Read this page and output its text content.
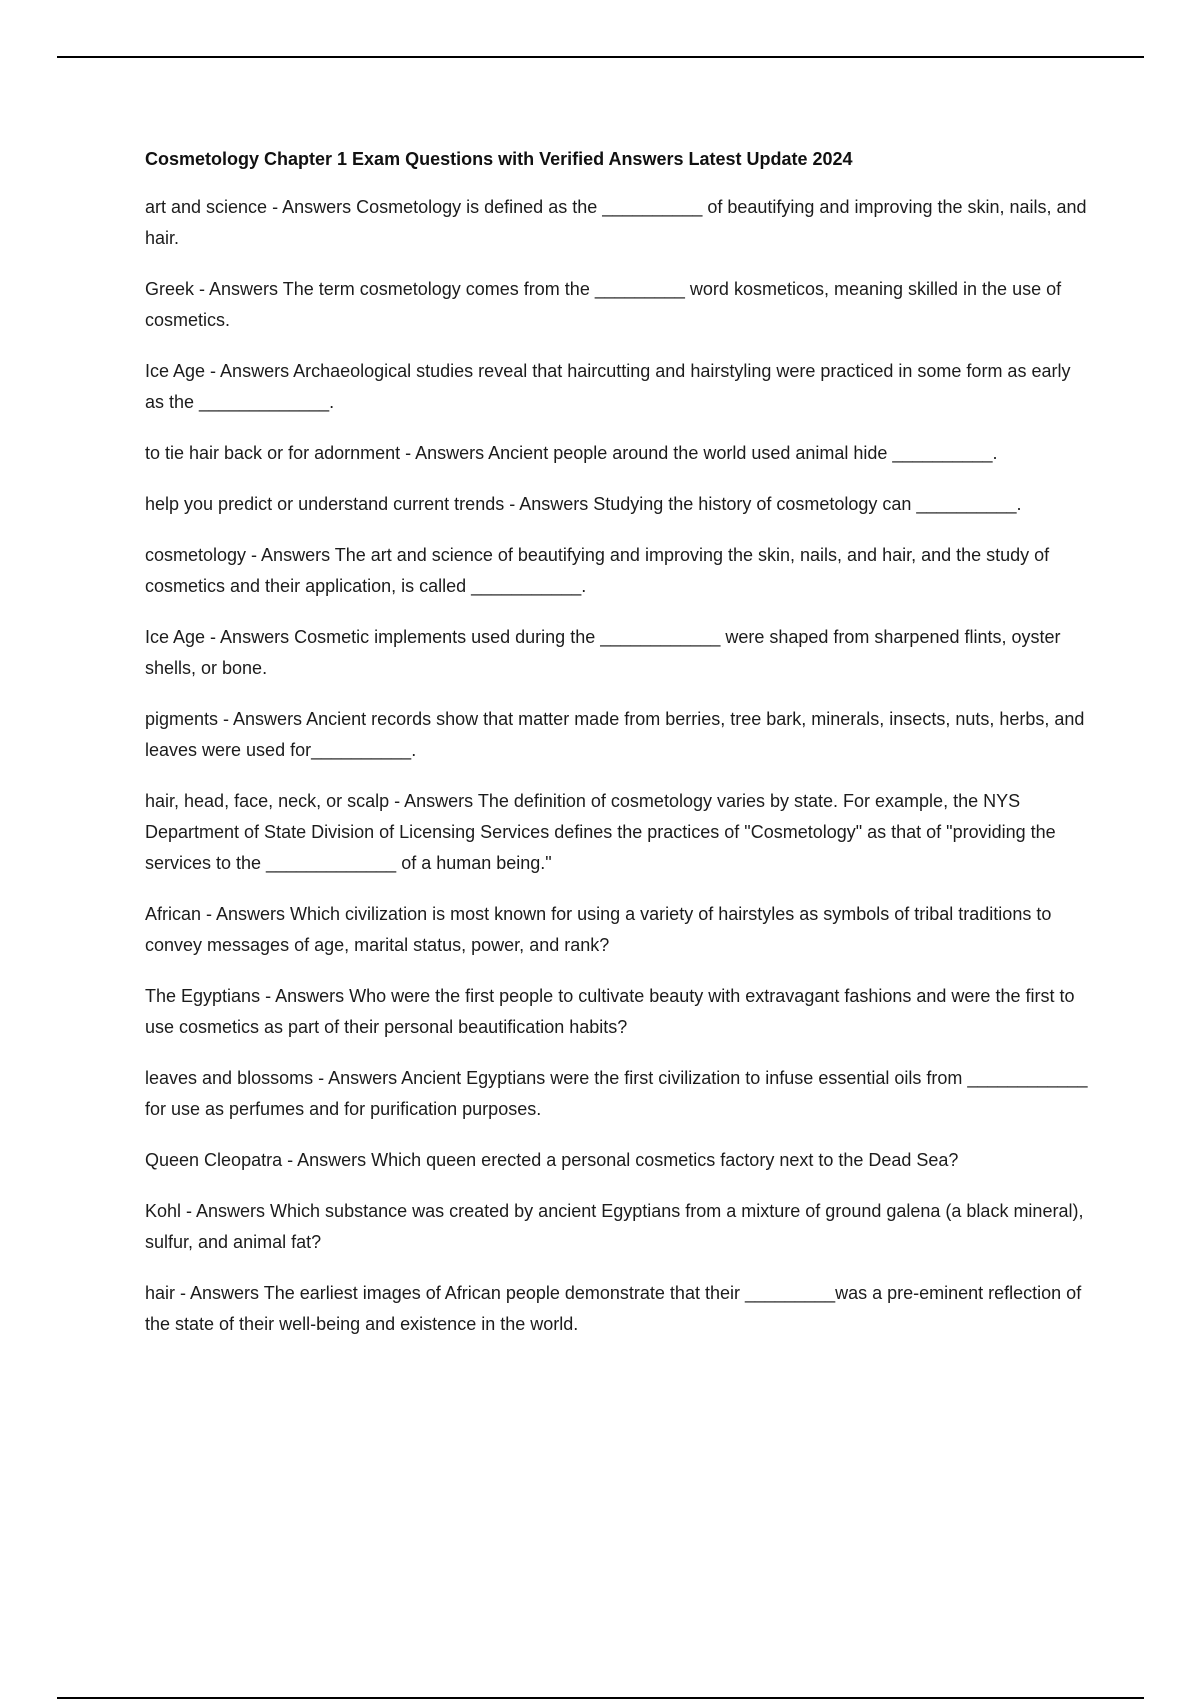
Cosmetology Chapter 1 Exam Questions with Verified Answers Latest Update 2024
art and science - Answers Cosmetology is defined as the __________ of beautifying and improving the skin, nails, and hair.
Greek - Answers The term cosmetology comes from the _________ word kosmeticos, meaning skilled in the use of cosmetics.
Ice Age - Answers Archaeological studies reveal that haircutting and hairstyling were practiced in some form as early as the _____________.
to tie hair back or for adornment - Answers Ancient people around the world used animal hide __________.
help you predict or understand current trends - Answers Studying the history of cosmetology can __________.
cosmetology - Answers The art and science of beautifying and improving the skin, nails, and hair, and the study of cosmetics and their application, is called ___________.
Ice Age - Answers Cosmetic implements used during the ____________ were shaped from sharpened flints, oyster shells, or bone.
pigments - Answers Ancient records show that matter made from berries, tree bark, minerals, insects, nuts, herbs, and leaves were used for__________.
hair, head, face, neck, or scalp - Answers The definition of cosmetology varies by state. For example, the NYS Department of State Division of Licensing Services defines the practices of "Cosmetology" as that of "providing the services to the _____________ of a human being."
African - Answers Which civilization is most known for using a variety of hairstyles as symbols of tribal traditions to convey messages of age, marital status, power, and rank?
The Egyptians - Answers Who were the first people to cultivate beauty with extravagant fashions and were the first to use cosmetics as part of their personal beautification habits?
leaves and blossoms - Answers Ancient Egyptians were the first civilization to infuse essential oils from ____________ for use as perfumes and for purification purposes.
Queen Cleopatra - Answers Which queen erected a personal cosmetics factory next to the Dead Sea?
Kohl - Answers Which substance was created by ancient Egyptians from a mixture of ground galena (a black mineral), sulfur, and animal fat?
hair - Answers The earliest images of African people demonstrate that their _________was a pre-eminent reflection of the state of their well-being and existence in the world.
